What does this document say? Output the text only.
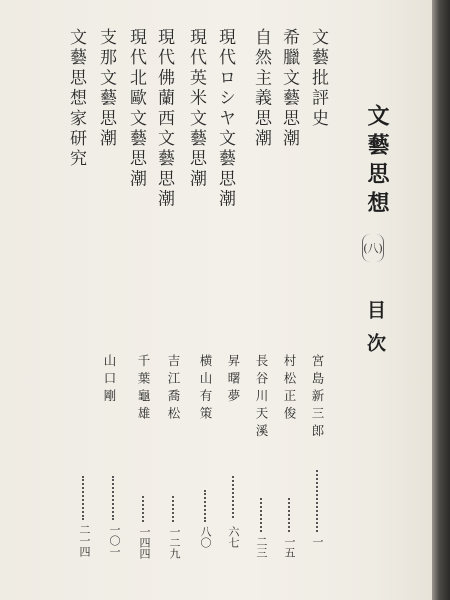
文藝思想
(八)
目次
文藝批評史
希臘文藝思潮
自然主義思潮
現代ロシヤ文藝思潮
現代英米文藝思潮
現代佛蘭西文藝思潮
現代北歐文藝思潮
支那文藝思潮
文藝思想家研究
宮島新三郎
村松正俊
長谷川天溪
昇曙夢
横山有策
吉江喬松
千葉龜雄
山口剛
一
一五
二三
六七
八〇
一二九
一四四
一〇一
二一四
